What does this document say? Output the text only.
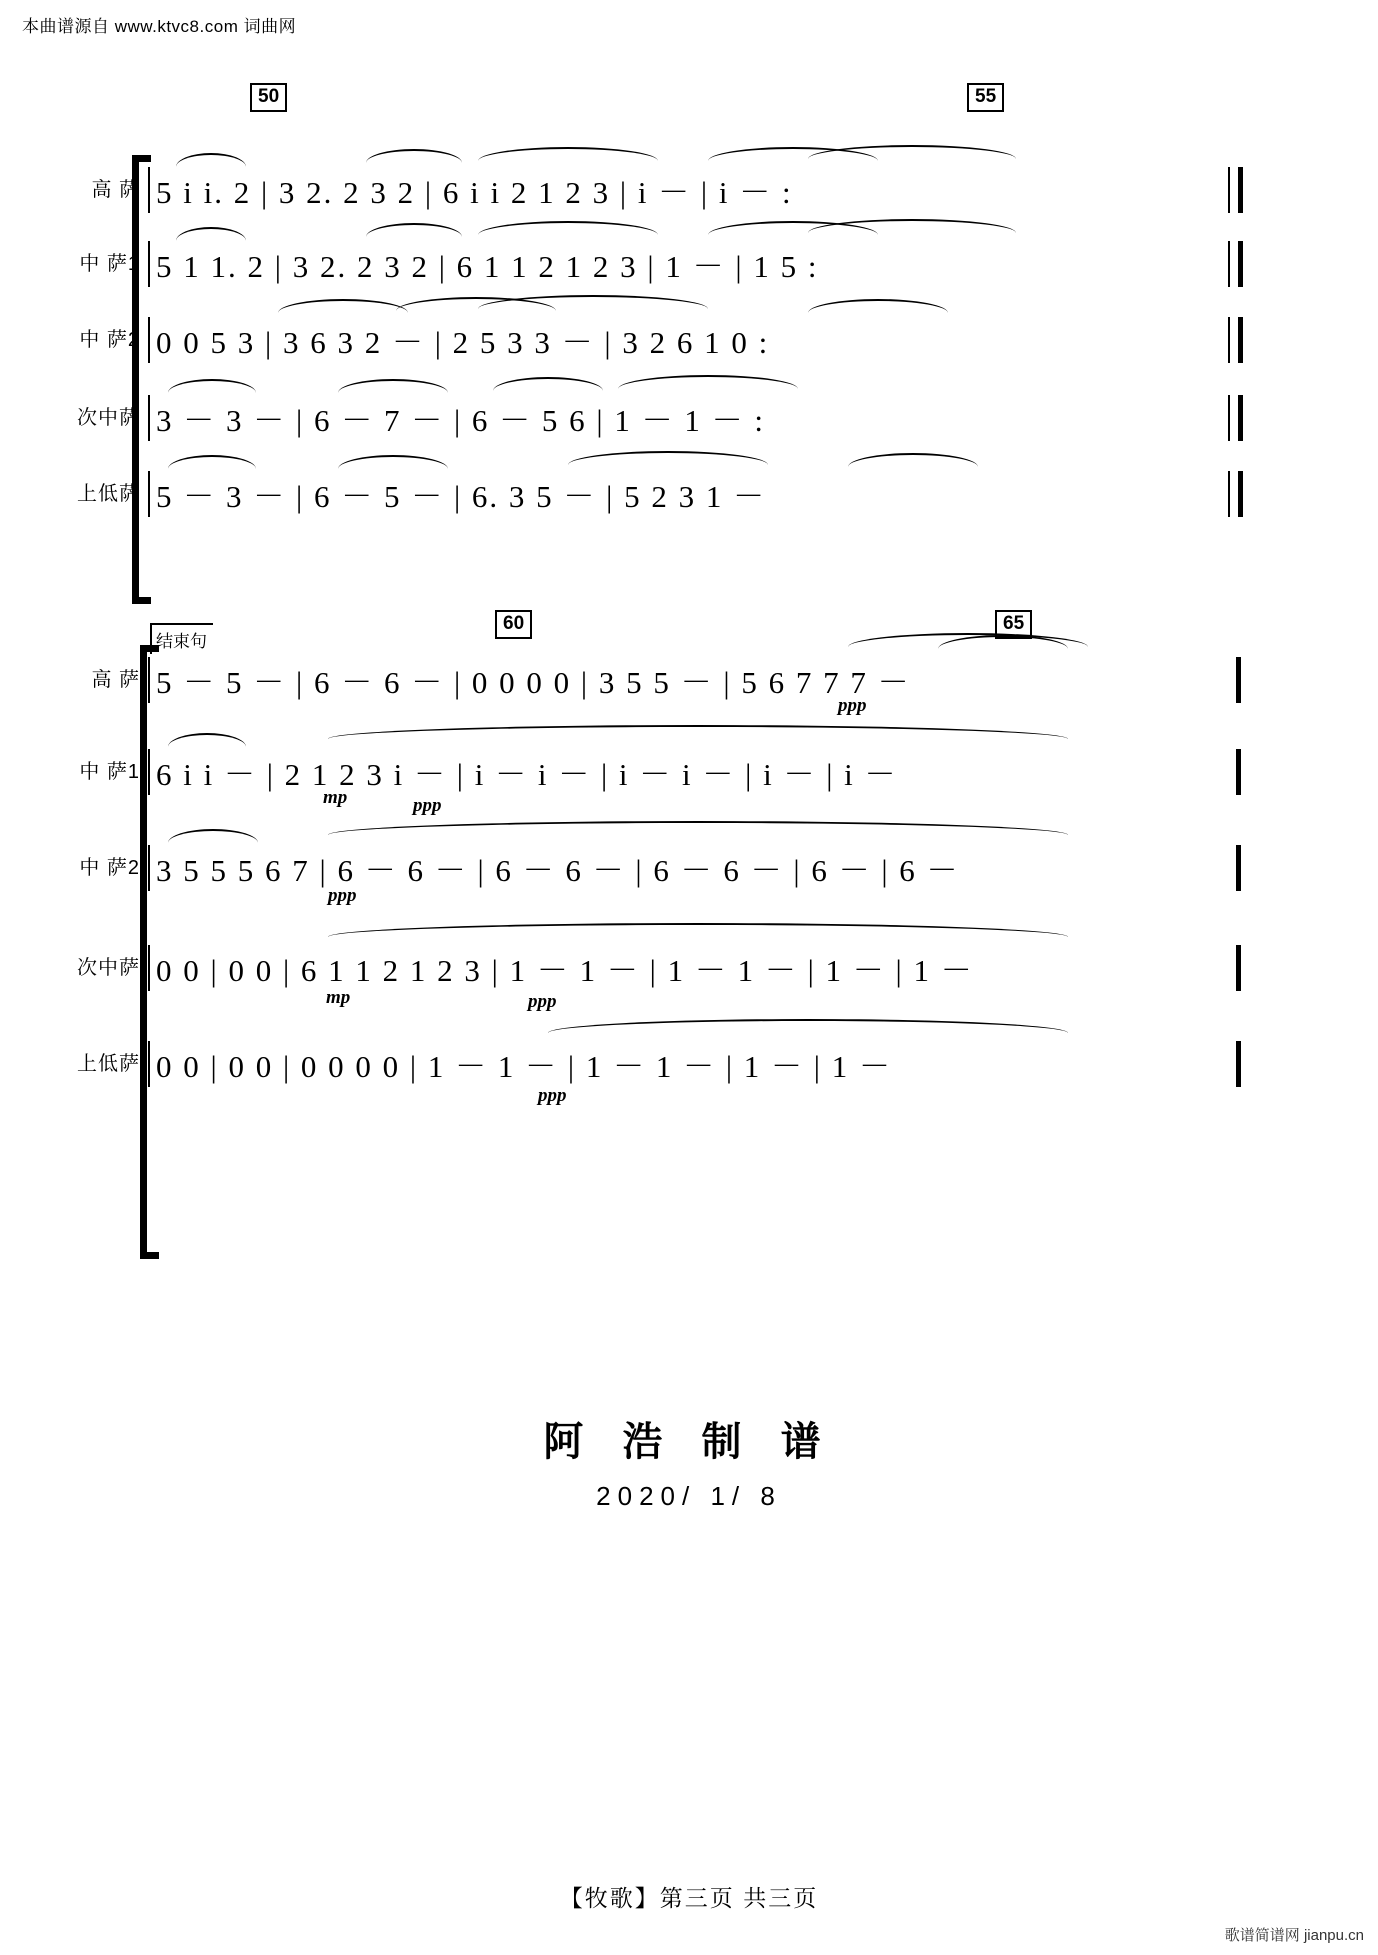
本曲谱源自 www.ktvc8.com 词曲网
50	55
高 萨 5 i i. 2 | 3 2. 2 3 2 | 6 i i 2 1 2 3 | i － | i － :
中 萨1 5 1 1. 2 | 3 2. 2 3 2 | 6 1 1 2 1 2 3 | 1 － | 1 5 :
中 萨2 0 0 5 3 | 3 6 3 2 － | 2 5 3 3 － | 3 2 6 1 0 :
次中萨 3 － 3 － | 6 － 7 － | 6 － 5 6 | 1 － 1 － :
上低萨 5 － 3 － | 6 － 5 － | 6. 3 5 － | 5 2 3 1 －
结束句
60	65
高 萨 5 － 5 － | 6 － 6 － | 0 0 0 0 | 3 5 5 － | 5 6 7 7 7 －
ppp
中 萨1 6 i i － | 2 1 2 3 i － | i － i － | i － i － | i － | i －
mp	ppp
中 萨2 3 5 5 5 6 7 | 6 － 6 － | 6 － 6 － | 6 － 6 － | 6 － | 6 －
ppp
次中萨 0 0 | 0 0 | 6 1 1 2 1 2 3 | 1 － 1 － | 1 － 1 － | 1 － | 1 －
mp	ppp
上低萨 0 0 | 0 0 | 0 0 0 0 | 1 － 1 － | 1 － 1 － | 1 － | 1 －
ppp
阿 浩 制 谱
2020/ 1/ 8
【牧歌】第三页 共三页
歌谱简谱网 jianpu.cn
